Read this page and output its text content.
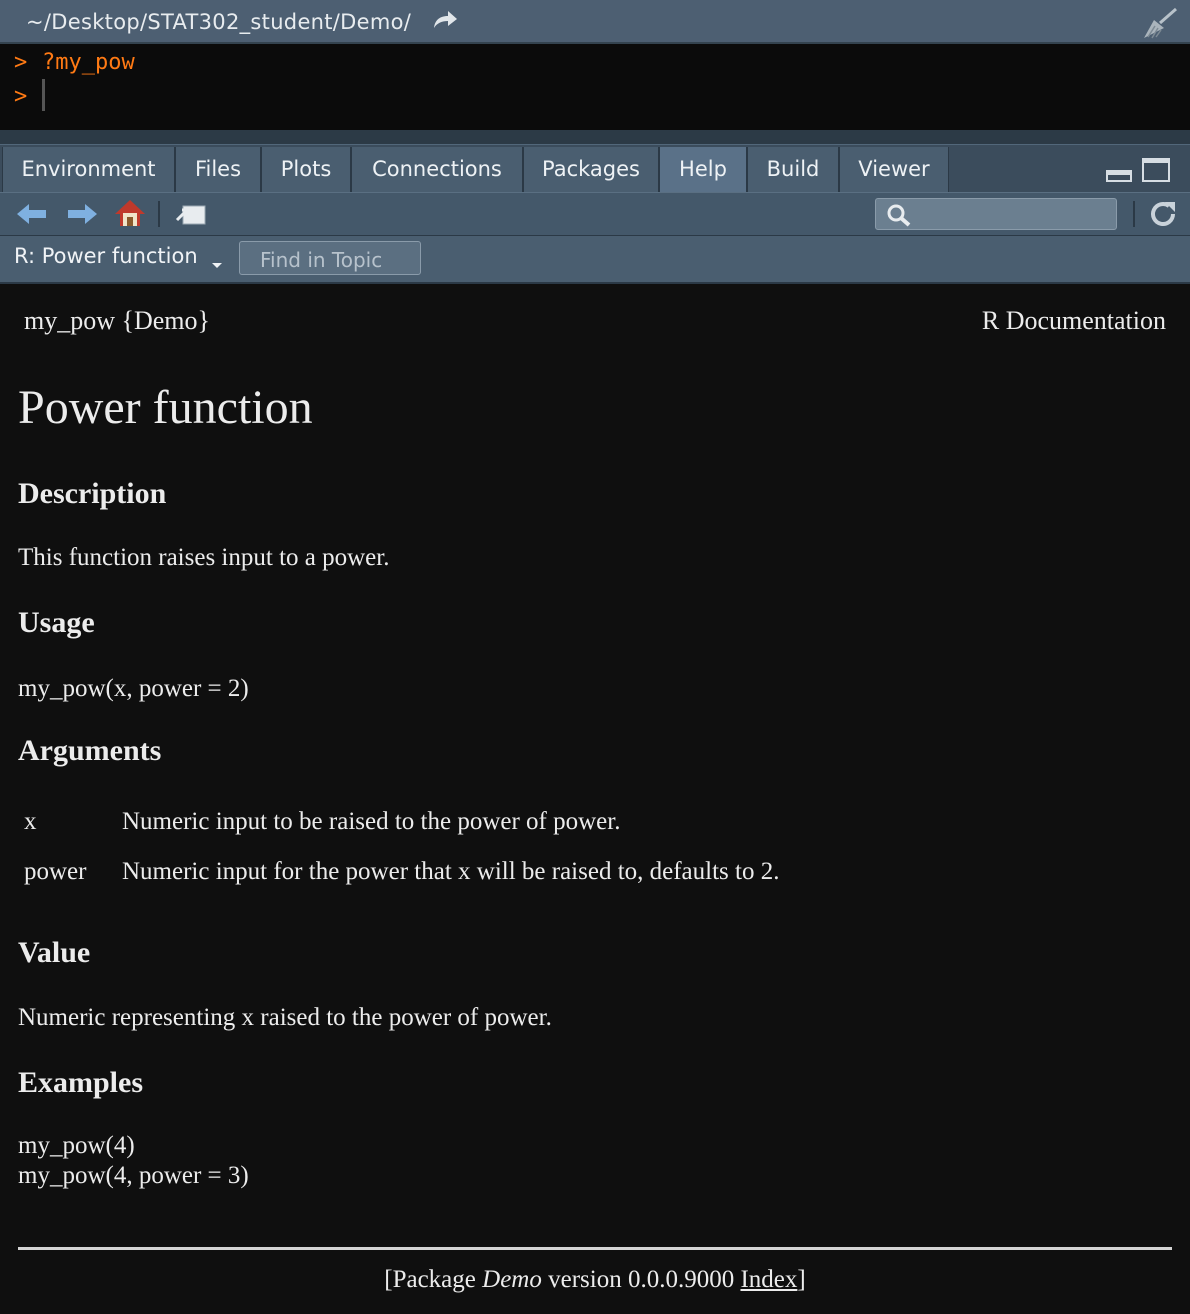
~/Desktop/STAT302_student/Demo/
> ?my_pow
>
Environment	Files	Plots	Connections	Packages	Help	Build	Viewer
R: Power function
Find in Topic
my_pow {Demo}	R Documentation
Power function
Description
This function raises input to a power.
Usage
my_pow(x, power = 2)
Arguments
x	Numeric input to be raised to the power of power.
power Numeric input for the power that x will be raised to, defaults to 2.
Value
Numeric representing x raised to the power of power.
Examples
my_pow(4)
my_pow(4, power = 3)
[Package Demo version 0.0.0.9000 Index]
